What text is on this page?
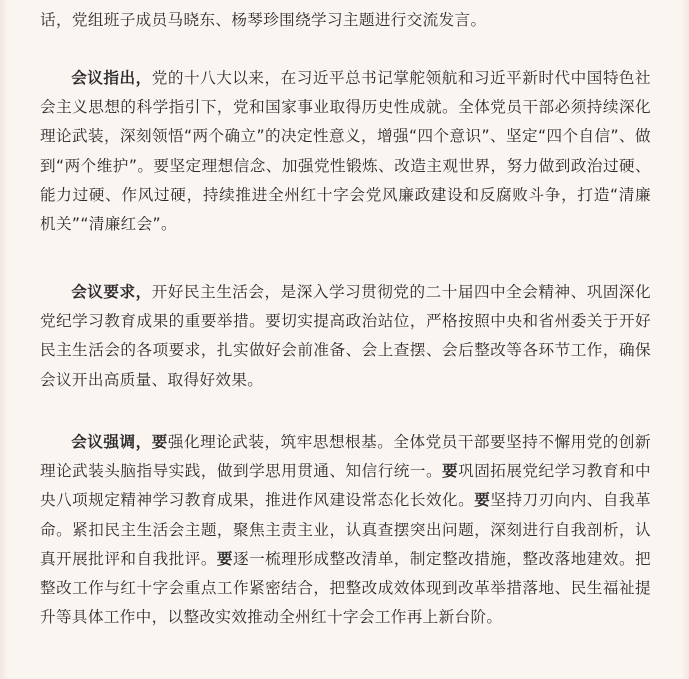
话，党组班子成员马晓东、杨琴珍围绕学习主题进行交流发言。

会议指出，党的十八大以来，在习近平总书记掌舵领航和习近平新时代中国特色社会主义思想的科学指引下，党和国家事业取得历史性成就。全体党员干部必须持续深化理论武装，深刻领悟“两个确立”的决定性意义，增强“四个意识”、坚定“四个自信”、做到“两个维护”。要坚定理想信念、加强党性锻炼、改造主观世界，努力做到政治过硬、能力过硬、作风过硬，持续推进全州红十字会党风廉政建设和反腐败斗争，打造“清廉机关”“清廉红会”。

会议要求，开好民主生活会，是深入学习贯彻党的二十届四中全会精神、巩固深化党纪学习教育成果的重要举措。要切实提高政治站位，严格按照中央和省州委关于开好民主生活会的各项要求，扎实做好会前准备、会上查摆、会后整改等各环节工作，确保会议开出高质量、取得好效果。

会议强调，要强化理论武装，筑牢思想根基。全体党员干部要坚持不懈用党的创新理论武装头脑指导实践，做到学思用贯通、知信行统一。要巩固拓展党纪学习教育和中央八项规定精神学习教育成果，推进作风建设常态化长效化。要坚持刀刃向内、自我革命。紧扣民主生活会主题，聚焦主责主业，认真查摆突出问题，深刻进行自我剖析，认真开展批评和自我批评。要逐一梳理形成整改清单，制定整改措施，整改落地建效。把整改工作与红十字会重点工作紧密结合，把整改成效体现到改革举措落地、民生福祉提升等具体工作中，以整改实效推动全州红十字会工作再上新台阶。
